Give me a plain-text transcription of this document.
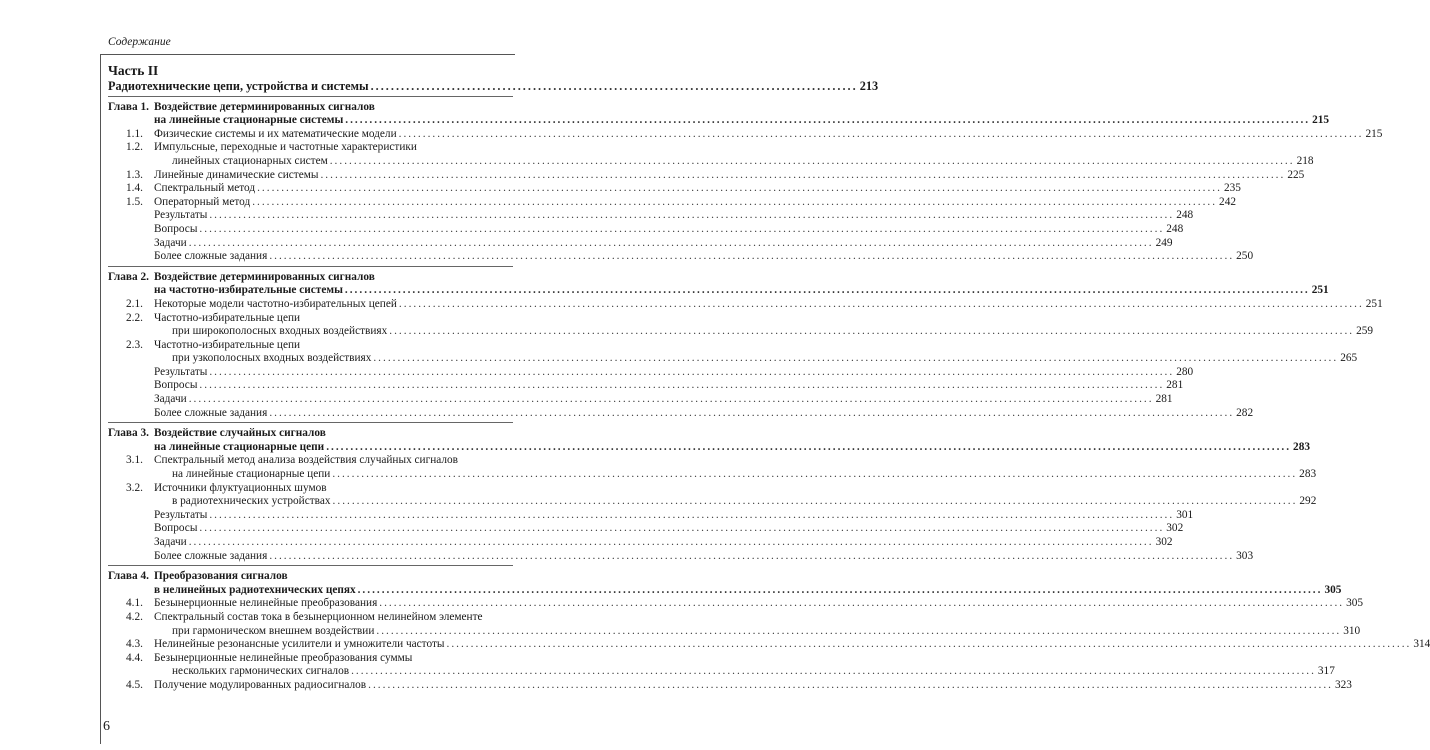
Содержание
Часть II
Радиотехнические цепи, устройства и системы ................................................................................................ 213
Глава 1. Воздействие детерминированных сигналов
на линейные стационарные системы ........................................................................................................................................................................................................ 215
1.1. Физические системы и их математические модели ........................................................................................................................................................................................................ 215
1.2. Импульсные, переходные и частотные характеристики
линейных стационарных систем ........................................................................................................................................................................................................ 218
1.3. Линейные динамические системы ........................................................................................................................................................................................................ 225
1.4. Спектральный метод ........................................................................................................................................................................................................ 235
1.5. Операторный метод ........................................................................................................................................................................................................ 242
Результаты ........................................................................................................................................................................................................ 248
Вопросы ........................................................................................................................................................................................................ 248
Задачи ........................................................................................................................................................................................................ 249
Более сложные задания ........................................................................................................................................................................................................ 250
Глава 2. Воздействие детерминированных сигналов
на частотно-избирательные системы ........................................................................................................................................................................................................ 251
2.1. Некоторые модели частотно-избирательных цепей ........................................................................................................................................................................................................ 251
2.2. Частотно-избирательные цепи
при широкополосных входных воздействиях ........................................................................................................................................................................................................ 259
2.3. Частотно-избирательные цепи
при узкополосных входных воздействиях ........................................................................................................................................................................................................ 265
Результаты ........................................................................................................................................................................................................ 280
Вопросы ........................................................................................................................................................................................................ 281
Задачи ........................................................................................................................................................................................................ 281
Более сложные задания ........................................................................................................................................................................................................ 282
Глава 3. Воздействие случайных сигналов
на линейные стационарные цепи ........................................................................................................................................................................................................ 283
3.1. Спектральный метод анализа воздействия случайных сигналов
на линейные стационарные цепи ........................................................................................................................................................................................................ 283
3.2. Источники флуктуационных шумов
в радиотехнических устройствах ........................................................................................................................................................................................................ 292
Результаты ........................................................................................................................................................................................................ 301
Вопросы ........................................................................................................................................................................................................ 302
Задачи ........................................................................................................................................................................................................ 302
Более сложные задания ........................................................................................................................................................................................................ 303
Глава 4. Преобразования сигналов
в нелинейных радиотехнических цепях ........................................................................................................................................................................................................ 305
4.1. Безынерционные нелинейные преобразования ........................................................................................................................................................................................................ 305
4.2. Спектральный состав тока в безынерционном нелинейном элементе
при гармоническом внешнем воздействии ........................................................................................................................................................................................................ 310
4.3. Нелинейные резонансные усилители и умножители частоты ........................................................................................................................................................................................................ 314
4.4. Безынерционные нелинейные преобразования суммы
нескольких гармонических сигналов ........................................................................................................................................................................................................ 317
4.5. Получение модулированных радиосигналов ........................................................................................................................................................................................................ 323
6
